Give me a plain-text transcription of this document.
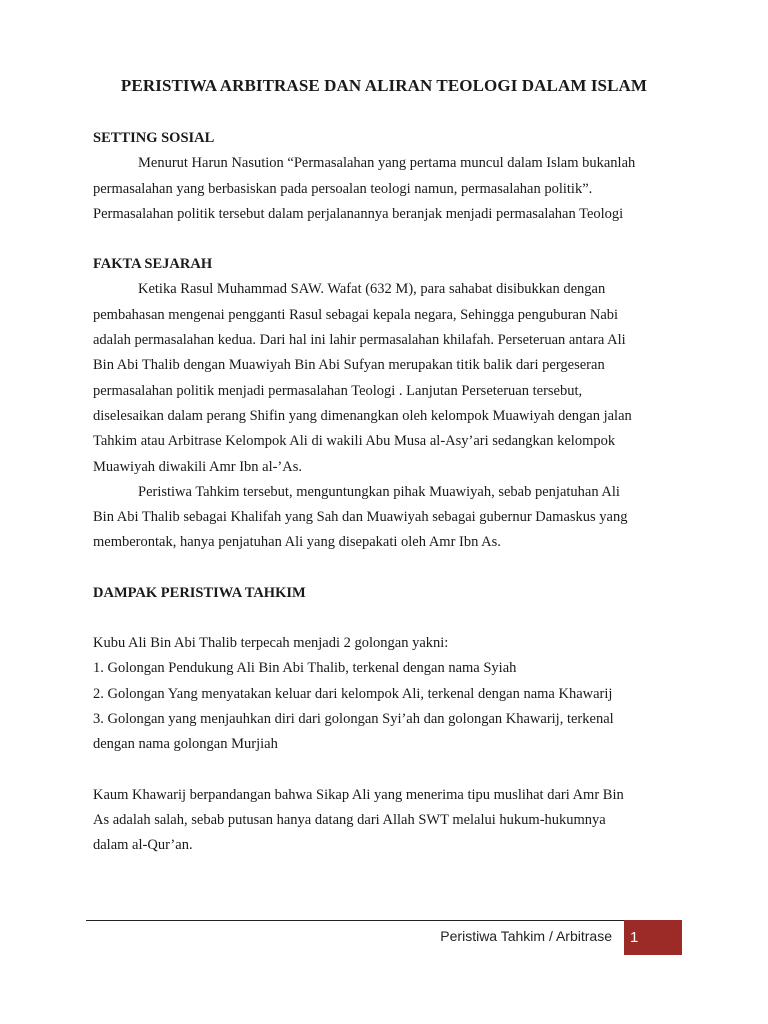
PERISTIWA ARBITRASE DAN ALIRAN TEOLOGI DALAM ISLAM

SETTING SOSIAL

Menurut Harun Nasution “Permasalahan yang pertama muncul dalam Islam bukanlah
permasalahan yang berbasiskan pada persoalan teologi namun, permasalahan politik”.
Permasalahan politik tersebut dalam perjalanannya beranjak menjadi permasalahan Teologi

FAKTA SEJARAH

Ketika Rasul Muhammad SAW. Wafat (632 M), para sahabat disibukkan dengan
pembahasan mengenai pengganti Rasul sebagai kepala negara, Sehingga penguburan Nabi
adalah permasalahan kedua. Dari hal ini lahir permasalahan khilafah. Perseteruan antara Ali
Bin Abi Thalib dengan Muawiyah Bin Abi Sufyan merupakan titik balik dari pergeseran
permasalahan politik menjadi permasalahan Teologi . Lanjutan Perseteruan tersebut,
diselesaikan dalam perang Shifin yang dimenangkan oleh kelompok Muawiyah dengan jalan
Tahkim atau Arbitrase Kelompok Ali di wakili Abu Musa al-Asy’ari sedangkan kelompok
Muawiyah diwakili Amr Ibn al-’As.

Peristiwa Tahkim tersebut, menguntungkan pihak Muawiyah, sebab penjatuhan Ali
Bin Abi Thalib sebagai Khalifah yang Sah dan Muawiyah sebagai gubernur Damaskus yang
memberontak, hanya penjatuhan Ali yang disepakati oleh Amr Ibn As.

DAMPAK PERISTIWA TAHKIM

Kubu Ali Bin Abi Thalib terpecah menjadi 2 golongan yakni:

1. Golongan Pendukung Ali Bin Abi Thalib, terkenal dengan nama Syiah
2. Golongan Yang menyatakan keluar dari kelompok Ali, terkenal dengan nama Khawarij
3. Golongan yang menjauhkan diri dari golongan Syi’ah dan golongan Khawarij, terkenal
dengan nama golongan Murjiah

Kaum Khawarij berpandangan bahwa Sikap Ali yang menerima tipu muslihat dari Amr Bin
As adalah salah, sebab putusan hanya datang dari Allah SWT melalui hukum-hukumnya
dalam al-Qur’an.

Peristiwa Tahkim / Arbitrase	1
